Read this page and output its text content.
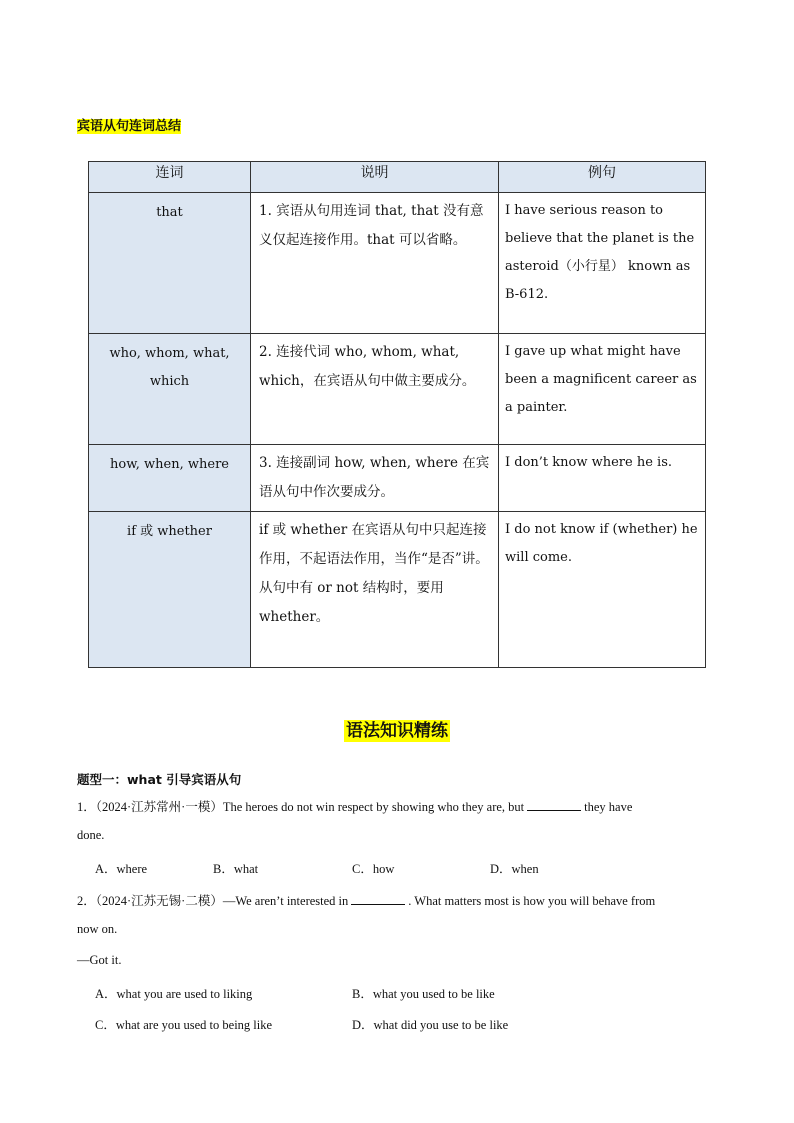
宾语从句连词总结
连词	说明	例句
that	1. 宾语从句用连词 that, that 没有意义仅起连接作用。that 可以省略。	I have serious reason to believe that the planet is the asteroid（小行星） known as B-612.
who, whom, what, which	2. 连接代词 who, whom, what, which，在宾语从句中做主要成分。	I gave up what might have been a magnificent career as a painter.
how, when, where	3. 连接副词 how, when, where 在宾语从句中作次要成分。	I don’t know where he is.
if 或 whether	if 或 whether 在宾语从句中只起连接作用，不起语法作用，当作“是否”讲。从句中有 or not 结构时，要用 whether。	I do not know if (whether) he will come.
语法知识精练
题型一：what 引导宾语从句
1．（2024·江苏常州·一模）The heroes do not win respect by showing who they are, but	they have
done.
A．where	B．what	C．how	D．when
2．（2024·江苏无锡·二模）—We aren’t interested in	. What matters most is how you will behave from
now on.
—Got it.
A．what you are used to liking	B．what you used to be like
C．what are you used to being like	D．what did you use to be like
